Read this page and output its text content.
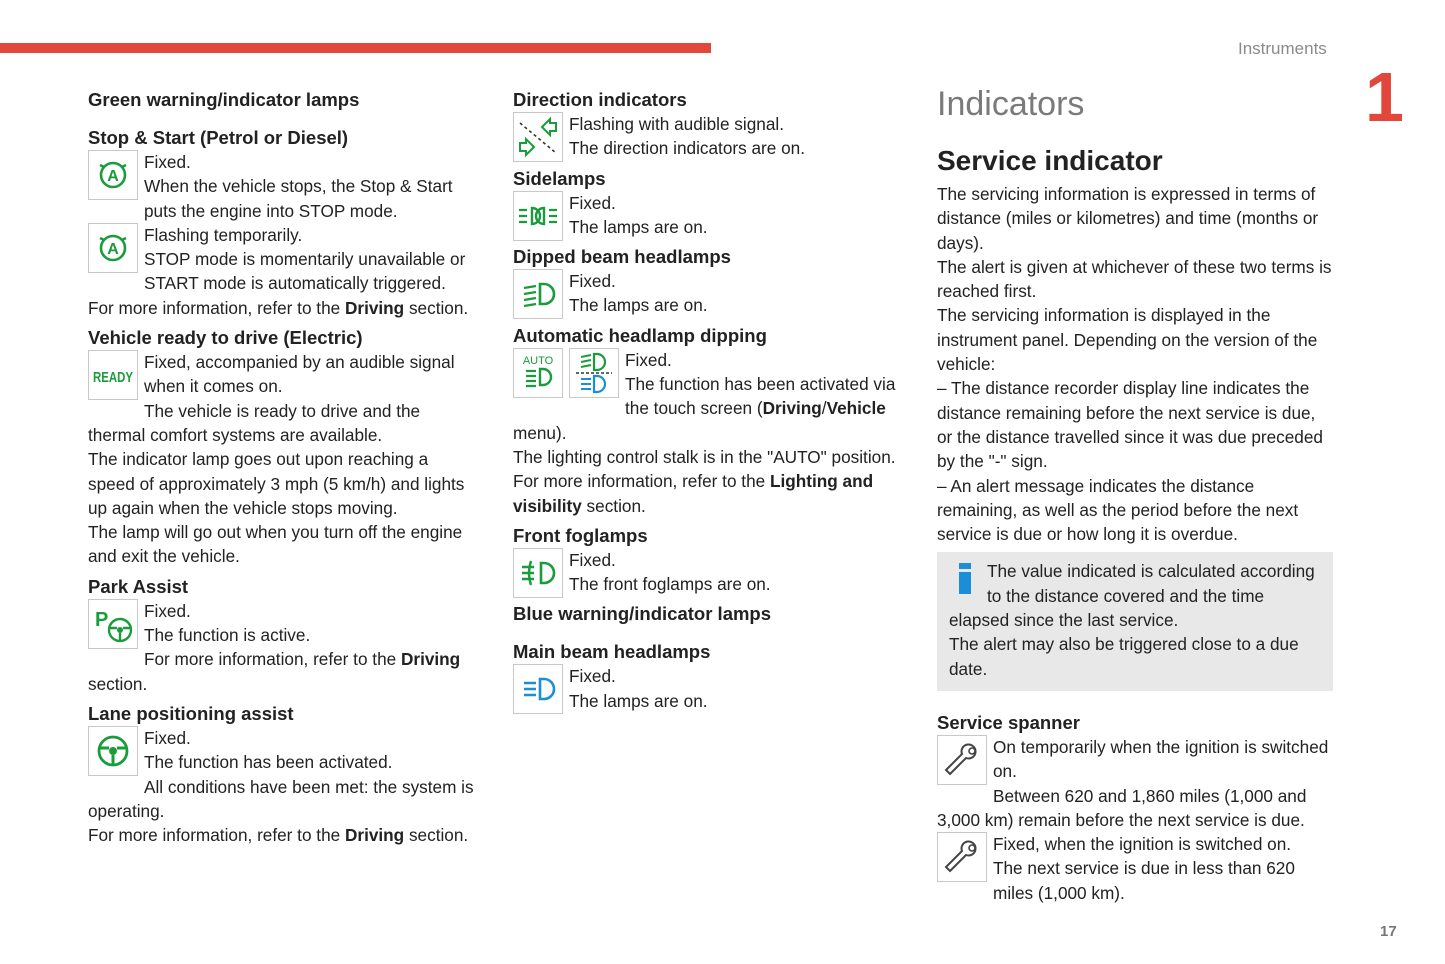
Instruments
1
17
Green warning/indicator lamps
Stop & Start (Petrol or Diesel)
A

Fixed.

When the vehicle stops, the Stop & Start puts the engine into STOP mode.

A

Flashing temporarily.

STOP mode is momentarily unavailable or START mode is automatically triggered.

For more information, refer to the Driving section.

Vehicle ready to drive (Electric)
READY

Fixed, accompanied by an audible signal when it comes on.

The vehicle is ready to drive and the thermal comfort systems are available.

The indicator lamp goes out upon reaching a speed of approximately 3 mph (5 km/h) and lights up again when the vehicle stops moving.

The lamp will go out when you turn off the engine and exit the vehicle.

Park Assist
P	Fixed.

The function is active.

For more information, refer to the Driving section.

Lane positioning assist

Fixed.

The function has been activated.

All conditions have been met: the system is operating.

For more information, refer to the Driving section.

Direction indicators

Flashing with audible signal.

The direction indicators are on.

Sidelamps

Fixed.

The lamps are on.

Dipped beam headlamps

Fixed.

The lamps are on.

Automatic headlamp dipping
AUTO	Fixed.

The function has been activated via the touch screen (Driving/Vehicle menu).

The lighting control stalk is in the "AUTO" position.

For more information, refer to the Lighting and visibility section.

Front foglamps

Fixed.

The front foglamps are on.

Blue warning/indicator lamps
Main beam headlamps

Fixed.

The lamps are on.

Indicators
Service indicator

The servicing information is expressed in terms of distance (miles or kilometres) and time (months or days).

The alert is given at whichever of these two terms is reached first.

The servicing information is displayed in the instrument panel. Depending on the version of the vehicle:

– The distance recorder display line indicates the distance remaining before the next service is due, or the distance travelled since it was due preceded by the "-" sign.

– An alert message indicates the distance remaining, as well as the period before the next service is due or how long it is overdue.

The value indicated is calculated according to the distance covered and the time elapsed since the last service.

The alert may also be triggered close to a due date.

Service spanner

On temporarily when the ignition is switched on.

Between 620 and 1,860 miles (1,000 and 3,000 km) remain before the next service is due.

Fixed, when the ignition is switched on.

The next service is due in less than 620 miles (1,000 km).
